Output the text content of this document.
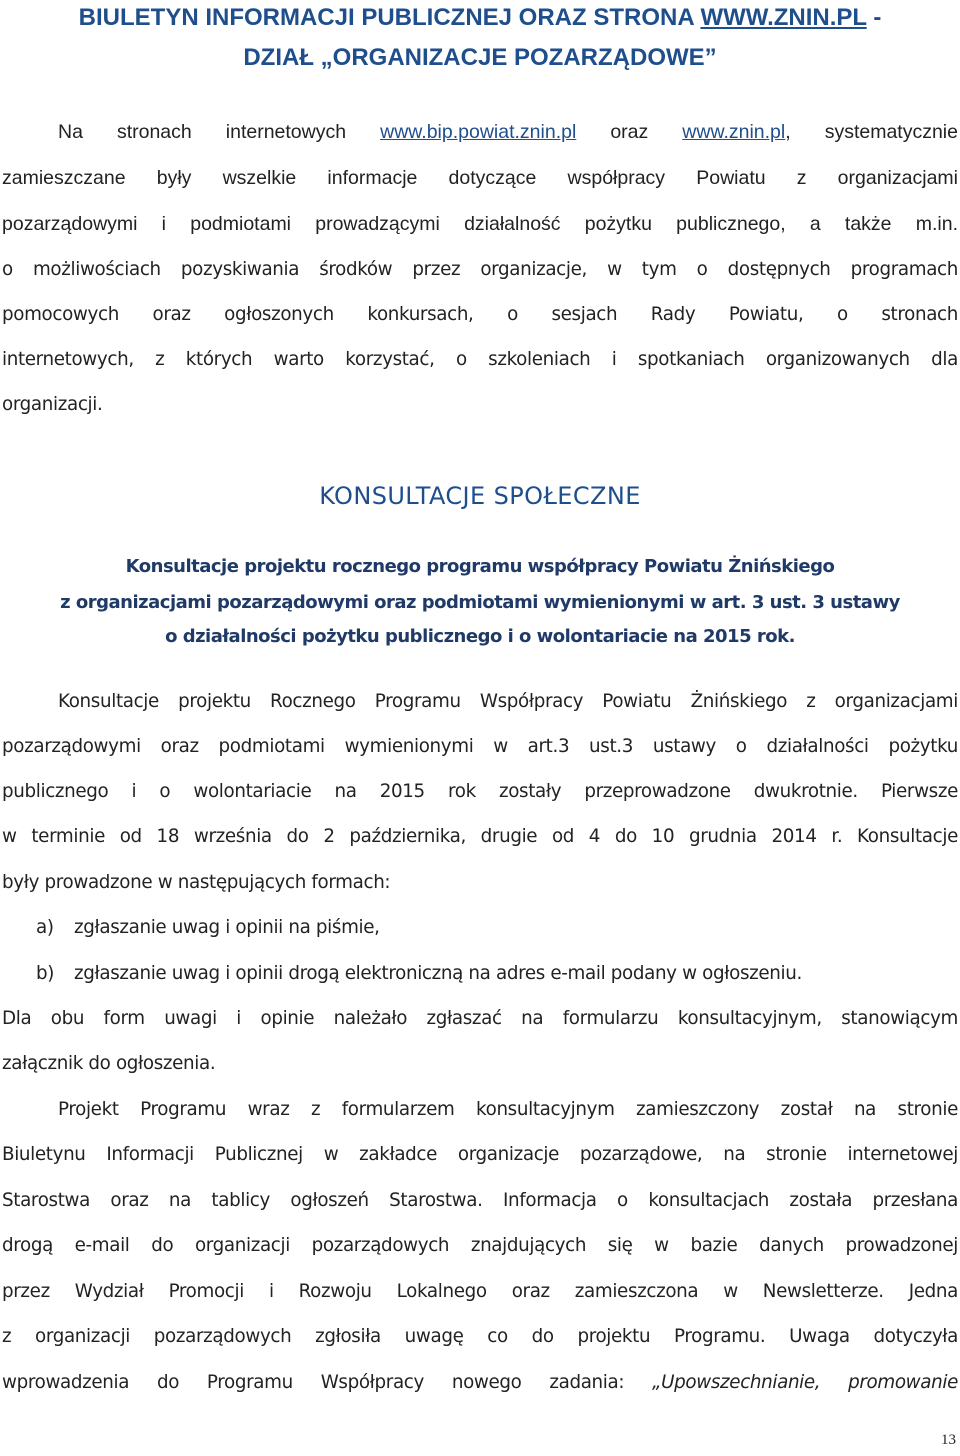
BIULETYN INFORMACJI PUBLICZNEJ ORAZ STRONA WWW.ZNIN.PL -
DZIAŁ „ORGANIZACJE POZARZĄDOWE”
Na stronach internetowych www.bip.powiat.znin.pl oraz www.znin.pl, systematycznie
zamieszczane były wszelkie informacje dotyczące współpracy Powiatu z organizacjami
pozarządowymi i podmiotami prowadzącymi działalność pożytku publicznego, a także m.in.
o możliwościach pozyskiwania środków przez organizacje, w tym o dostępnych programach
pomocowych oraz ogłoszonych konkursach, o sesjach Rady Powiatu, o stronach
internetowych, z których warto korzystać, o szkoleniach i spotkaniach organizowanych dla
organizacji.
KONSULTACJE SPOŁECZNE
Konsultacje projektu rocznego programu współpracy Powiatu Żnińskiego
z organizacjami pozarządowymi oraz podmiotami wymienionymi w art. 3 ust. 3 ustawy
o działalności pożytku publicznego i o wolontariacie na 2015 rok.
Konsultacje projektu Rocznego Programu Współpracy Powiatu Żnińskiego z organizacjami
pozarządowymi oraz podmiotami wymienionymi w art.3 ust.3 ustawy o działalności pożytku
publicznego i o wolontariacie na 2015 rok zostały przeprowadzone dwukrotnie. Pierwsze
w terminie od 18 września do 2 października, drugie od 4 do 10 grudnia 2014 r. Konsultacje
były prowadzone w następujących formach:
a) zgłaszanie uwag i opinii na piśmie,
b) zgłaszanie uwag i opinii drogą elektroniczną na adres e-mail podany w ogłoszeniu.
Dla obu form uwagi i opinie należało zgłaszać na formularzu konsultacyjnym, stanowiącym
załącznik do ogłoszenia.
Projekt Programu wraz z formularzem konsultacyjnym zamieszczony został na stronie
Biuletynu Informacji Publicznej w zakładce organizacje pozarządowe, na stronie internetowej
Starostwa oraz na tablicy ogłoszeń Starostwa. Informacja o konsultacjach została przesłana
drogą e-mail do organizacji pozarządowych znajdujących się w bazie danych prowadzonej
przez Wydział Promocji i Rozwoju Lokalnego oraz zamieszczona w Newsletterze. Jedna
z organizacji pozarządowych zgłosiła uwagę co do projektu Programu. Uwaga dotyczyła
wprowadzenia do Programu Współpracy nowego zadania: „Upowszechnianie, promowanie
13
